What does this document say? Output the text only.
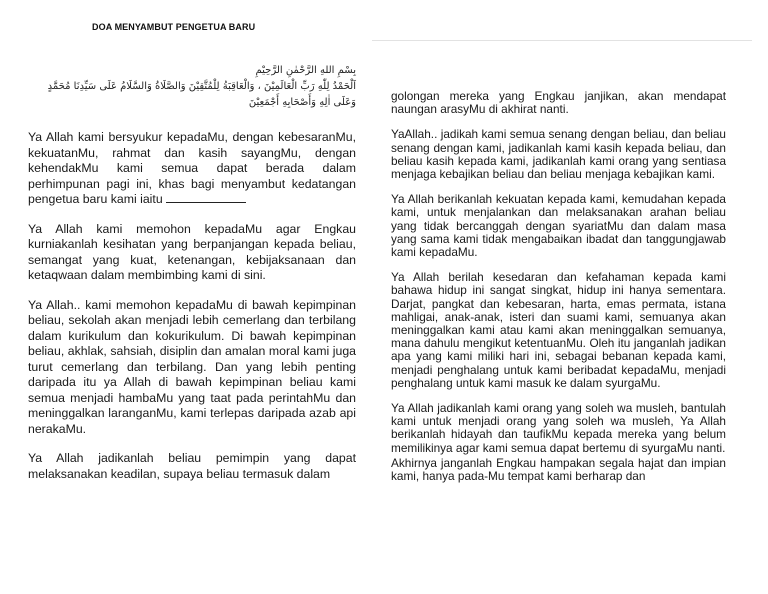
DOA MENYAMBUT PENGETUA BARU
بِسْمِ اللهِ الرَّحْمٰنِ الرَّحِيْمِ
اَلْحَمْدُ لِلّٰهِ رَبِّ الْعَالَمِيْنَ ، وَالْعَاقِبَةُ لِلْمُتَّقِيْنَ وَالصَّلَاةُ وَالسَّلَامُ عَلَى سَيِّدِنَا مُحَمَّدٍ
وَعَلَى اٰلِهِ وَأَصْحَابِهِ أَجْمَعِيْنَ

Ya Allah kami bersyukur kepadaMu, dengan kebesaranMu, kekuatanMu, rahmat dan kasih sayangMu, dengan kehendakMu kami semua dapat berada dalam perhimpunan pagi ini, khas bagi menyambut kedatangan pengetua baru kami iaitu

Ya Allah kami memohon kepadaMu agar Engkau kurniakanlah kesihatan yang berpanjangan kepada beliau, semangat yang kuat, ketenangan, kebijaksanaan dan ketaqwaan dalam membimbing kami di sini.

Ya Allah.. kami memohon kepadaMu di bawah kepimpinan beliau, sekolah akan menjadi lebih cemerlang dan terbilang dalam kurikulum dan kokurikulum. Di bawah kepimpinan beliau, akhlak, sahsiah, disiplin dan amalan moral kami juga turut cemerlang dan terbilang. Dan yang lebih penting daripada itu ya Allah di bawah kepimpinan beliau kami semua menjadi hambaMu yang taat pada perintahMu dan meninggalkan laranganMu, kami terlepas daripada azab api nerakaMu.

Ya Allah jadikanlah beliau pemimpin yang dapat melaksanakan keadilan, supaya beliau termasuk dalam

golongan mereka yang Engkau janjikan, akan mendapat naungan arasyMu di akhirat nanti.

YaAllah.. jadikah kami semua senang dengan beliau, dan beliau senang dengan kami, jadikanlah kami kasih kepada beliau, dan beliau kasih kepada kami, jadikanlah kami orang yang sentiasa menjaga kebajikan beliau dan beliau menjaga kebajikan kami.

Ya Allah berikanlah kekuatan kepada kami, kemudahan kepada kami, untuk menjalankan dan melaksanakan arahan beliau yang tidak bercanggah dengan syariatMu dan dalam masa yang sama kami tidak mengabaikan ibadat dan tanggungjawab kami kepadaMu.

Ya Allah berilah kesedaran dan kefahaman kepada kami bahawa hidup ini sangat singkat, hidup ini hanya sementara. Darjat, pangkat dan kebesaran, harta, emas permata, istana mahligai, anak-anak, isteri dan suami kami, semuanya akan meninggalkan kami atau kami akan meninggalkan semuanya, mana dahulu mengikut ketentuanMu. Oleh itu janganlah jadikan apa yang kami miliki hari ini, sebagai bebanan kepada kami, menjadi penghalang untuk kami beribadat kepadaMu, menjadi penghalang untuk kami masuk ke dalam syurgaMu.

Ya Allah jadikanlah kami orang yang soleh wa musleh, bantulah kami untuk menjadi orang yang soleh wa musleh, Ya Allah berikanlah hidayah dan taufikMu kepada mereka yang belum memilikinya agar kami semua dapat bertemu di syurgaMu nanti.

Akhirnya janganlah Engkau hampakan segala hajat dan impian kami, hanya pada-Mu tempat kami berharap dan
